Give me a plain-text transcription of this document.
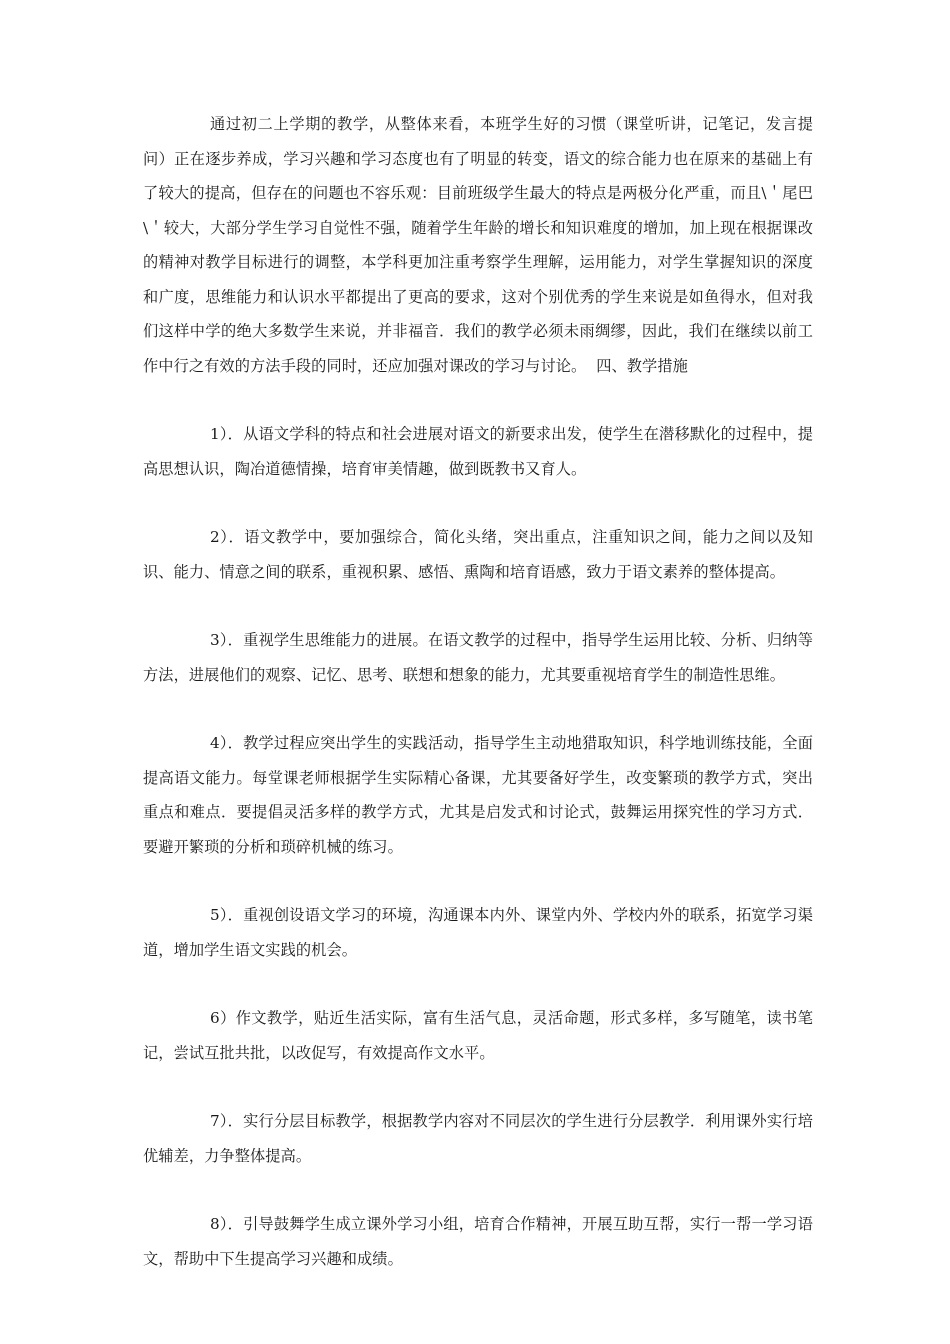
通过初二上学期的教学，从整体来看，本班学生好的习惯（课堂听讲，记笔记，发言提问）正在逐步养成，学习兴趣和学习态度也有了明显的转变，语文的综合能力也在原来的基础上有了较大的提高，但存在的问题也不容乐观：目前班级学生最大的特点是两极分化严重，而且\＇尾巴\＇较大，大部分学生学习自觉性不强，随着学生年龄的增长和知识难度的增加，加上现在根据课改的精神对教学目标进行的调整，本学科更加注重考察学生理解，运用能力，对学生掌握知识的深度和广度，思维能力和认识水平都提出了更高的要求，这对个别优秀的学生来说是如鱼得水，但对我们这样中学的绝大多数学生来说，并非福音．我们的教学必须未雨绸缪，因此，我们在继续以前工作中行之有效的方法手段的同时，还应加强对课改的学习与讨论。  四、教学措施

1）．从语文学科的特点和社会进展对语文的新要求出发，使学生在潜移默化的过程中，提高思想认识，陶冶道德情操，培育审美情趣，做到既教书又育人。

2）．语文教学中，要加强综合，简化头绪，突出重点，注重知识之间，能力之间以及知识、能力、情意之间的联系，重视积累、感悟、熏陶和培育语感，致力于语文素养的整体提高。

3）．重视学生思维能力的进展。在语文教学的过程中，指导学生运用比较、分析、归纳等方法，进展他们的观察、记忆、思考、联想和想象的能力，尤其要重视培育学生的制造性思维。

4）．教学过程应突出学生的实践活动，指导学生主动地猎取知识，科学地训练技能，全面提高语文能力。每堂课老师根据学生实际精心备课，尤其要备好学生，改变繁琐的教学方式，突出重点和难点．要提倡灵活多样的教学方式，尤其是启发式和讨论式，鼓舞运用探究性的学习方式．要避开繁琐的分析和琐碎机械的练习。

5）．重视创设语文学习的环境，沟通课本内外、课堂内外、学校内外的联系，拓宽学习渠道，增加学生语文实践的机会。

6）作文教学，贴近生活实际，富有生活气息，灵活命题，形式多样，多写随笔，读书笔记，尝试互批共批，以改促写，有效提高作文水平。

7）．实行分层目标教学，根据教学内容对不同层次的学生进行分层教学．利用课外实行培优辅差，力争整体提高。

8）．引导鼓舞学生成立课外学习小组，培育合作精神，开展互助互帮，实行一帮一学习语文，帮助中下生提高学习兴趣和成绩。
